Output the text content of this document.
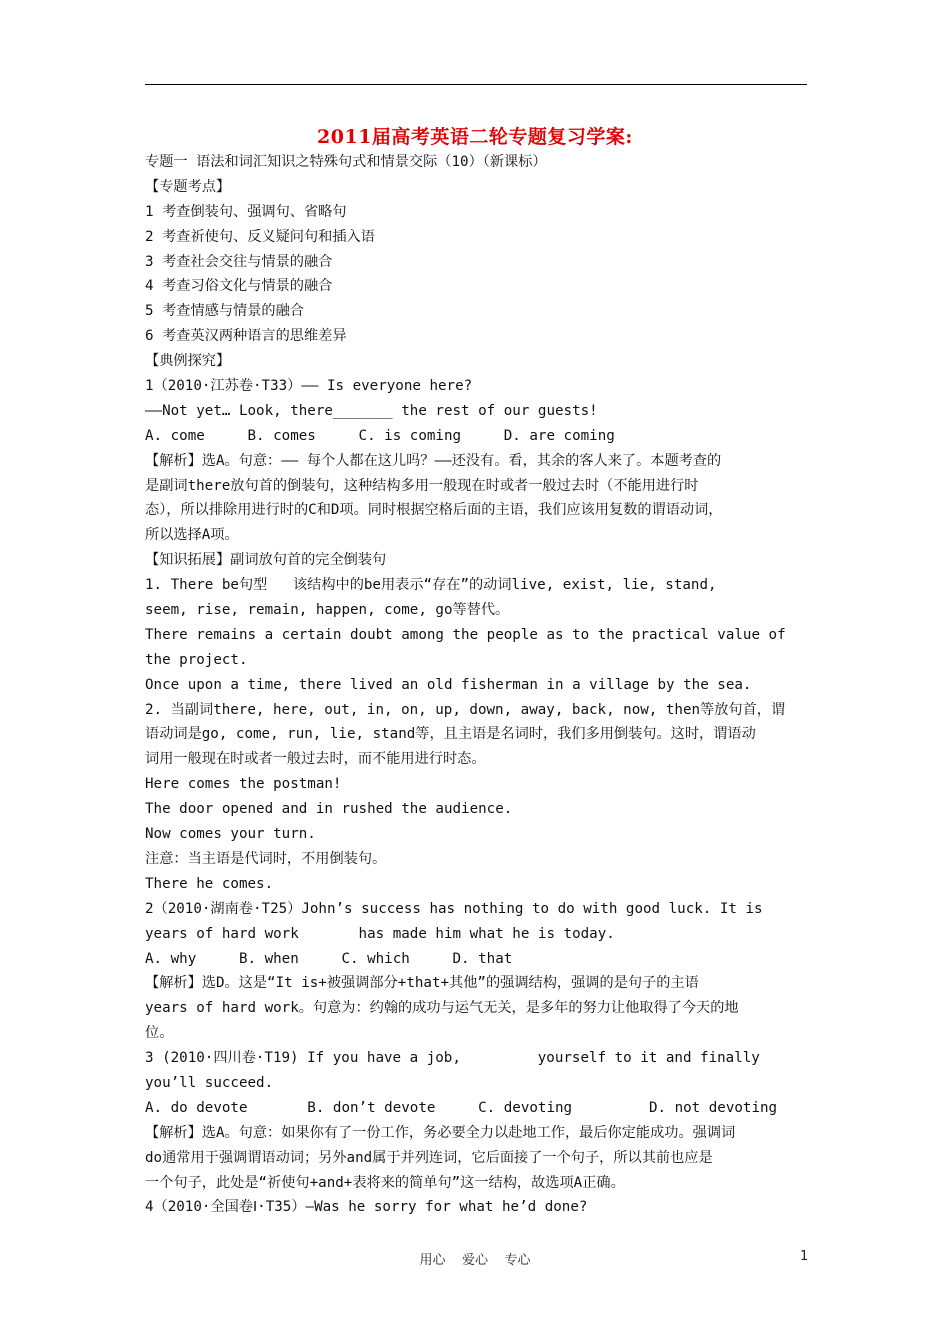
2011届高考英语二轮专题复习学案:
专题一 语法和词汇知识之特殊句式和情景交际（10）（新课标）
【专题考点】
1 考查倒装句、强调句、省略句
2 考查祈使句、反义疑问句和插入语
3 考查社会交往与情景的融合
4 考查习俗文化与情景的融合
5 考查情感与情景的融合
6 考查英汉两种语言的思维差异
【典例探究】
1（2010·江苏卷·T33）—— Is everyone here?
——Not yet… Look, there_______ the rest of our guests!
A. come     B. comes     C. is coming     D. are coming
【解析】选A。句意：—— 每个人都在这儿吗？——还没有。看，其余的客人来了。本题考查的
是副词there放句首的倒装句，这种结构多用一般现在时或者一般过去时（不能用进行时
态），所以排除用进行时的C和D项。同时根据空格后面的主语，我们应该用复数的谓语动词，
所以选择A项。
【知识拓展】副词放句首的完全倒装句
1. There be句型   该结构中的be用表示“存在”的动词live, exist, lie, stand,
seem, rise, remain, happen, come, go等替代。
There remains a certain doubt among the people as to the practical value of
the project.
Once upon a time, there lived an old fisherman in a village by the sea.
2. 当副词there, here, out, in, on, up, down, away, back, now, then等放句首，谓
语动词是go, come, run, lie, stand等，且主语是名词时，我们多用倒装句。这时，谓语动
词用一般现在时或者一般过去时，而不能用进行时态。
Here comes the postman!
The door opened and in rushed the audience.
Now comes your turn.
注意：当主语是代词时，不用倒装句。
There he comes.
2（2010·湖南卷·T25）John’s success has nothing to do with good luck. It is
years of hard work       has made him what he is today.
A. why     B. when     C. which     D. that
【解析】选D。这是“It is+被强调部分+that+其他”的强调结构，强调的是句子的主语
years of hard work。句意为：约翰的成功与运气无关，是多年的努力让他取得了今天的地
位。
3 (2010·四川卷·T19) If you have a job,         yourself to it and finally
you’ll succeed.
A. do devote       B. don’t devote     C. devoting         D. not devoting
【解析】选A。句意：如果你有了一份工作，务必要全力以赴地工作，最后你定能成功。强调词
do通常用于强调谓语动词；另外and属于并列连词，它后面接了一个句子，所以其前也应是
一个句子，此处是“祈使句+and+表将来的简单句”这一结构，故选项A正确。
4（2010·全国卷Ⅰ·T35）—Was he sorry for what he’d done?
用心    爱心    专心	1
